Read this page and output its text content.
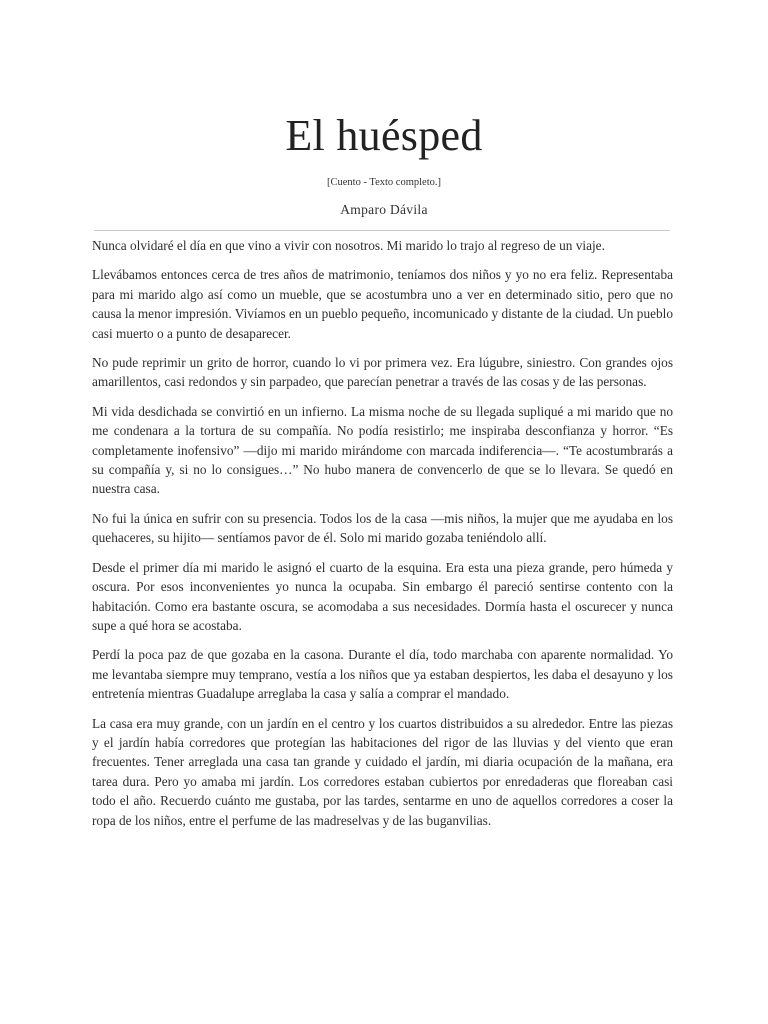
El huésped
[Cuento - Texto completo.]
Amparo Dávila

Nunca olvidaré el día en que vino a vivir con nosotros. Mi marido lo trajo al regreso de un viaje.

Llevábamos entonces cerca de tres años de matrimonio, teníamos dos niños y yo no era feliz. Representaba para mi marido algo así como un mueble, que se acostumbra uno a ver en determinado sitio, pero que no causa la menor impresión. Vivíamos en un pueblo pequeño, incomunicado y distante de la ciudad. Un pueblo casi muerto o a punto de desaparecer.

No pude reprimir un grito de horror, cuando lo vi por primera vez. Era lúgubre, siniestro. Con grandes ojos amarillentos, casi redondos y sin parpadeo, que parecían penetrar a través de las cosas y de las personas.

Mi vida desdichada se convirtió en un infierno. La misma noche de su llegada supliqué a mi marido que no me condenara a la tortura de su compañía. No podía resistirlo; me inspiraba desconfianza y horror. “Es completamente inofensivo” —dijo mi marido mirándome con marcada indiferencia—. “Te acostumbrarás a su compañía y, si no lo consigues…” No hubo manera de convencerlo de que se lo llevara. Se quedó en nuestra casa.

No fui la única en sufrir con su presencia. Todos los de la casa —mis niños, la mujer que me ayudaba en los quehaceres, su hijito— sentíamos pavor de él. Solo mi marido gozaba teniéndolo allí.

Desde el primer día mi marido le asignó el cuarto de la esquina. Era esta una pieza grande, pero húmeda y oscura. Por esos inconvenientes yo nunca la ocupaba. Sin embargo él pareció sentirse contento con la habitación. Como era bastante oscura, se acomodaba a sus necesidades. Dormía hasta el oscurecer y nunca supe a qué hora se acostaba.

Perdí la poca paz de que gozaba en la casona. Durante el día, todo marchaba con aparente normalidad. Yo me levantaba siempre muy temprano, vestía a los niños que ya estaban despiertos, les daba el desayuno y los entretenía mientras Guadalupe arreglaba la casa y salía a comprar el mandado.

La casa era muy grande, con un jardín en el centro y los cuartos distribuidos a su alrededor. Entre las piezas y el jardín había corredores que protegían las habitaciones del rigor de las lluvias y del viento que eran frecuentes. Tener arreglada una casa tan grande y cuidado el jardín, mi diaria ocupación de la mañana, era tarea dura. Pero yo amaba mi jardín. Los corredores estaban cubiertos por enredaderas que floreaban casi todo el año. Recuerdo cuánto me gustaba, por las tardes, sentarme en uno de aquellos corredores a coser la ropa de los niños, entre el perfume de las madreselvas y de las buganvilias.
